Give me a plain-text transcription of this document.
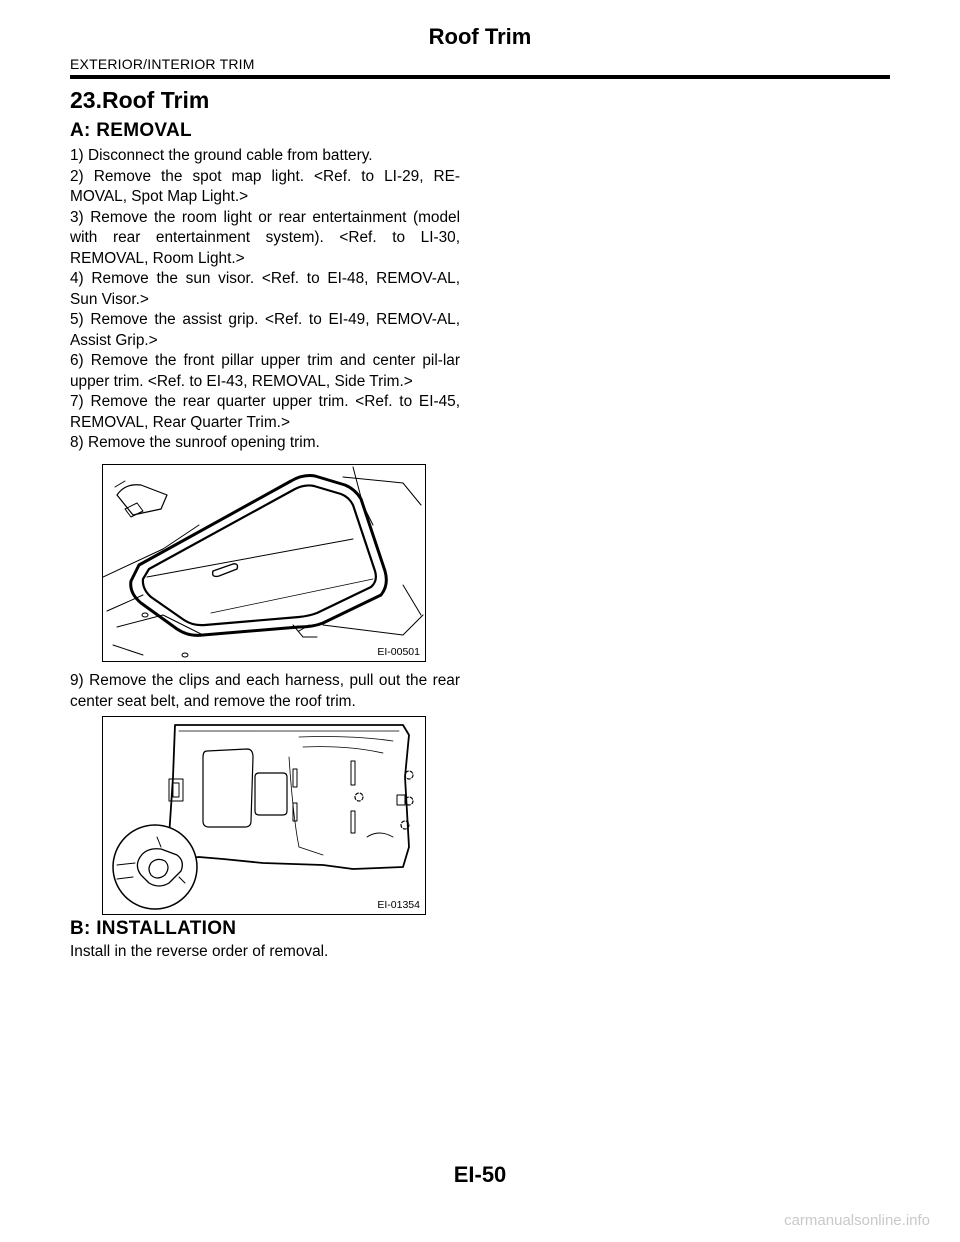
Roof Trim
EXTERIOR/INTERIOR TRIM
23.Roof Trim
A: REMOVAL

1) Disconnect the ground cable from battery.

2) Remove the spot map light. <Ref. to LI-29, RE-MOVAL, Spot Map Light.>

3) Remove the room light or rear entertainment (model with rear entertainment system). <Ref. to LI-30, REMOVAL, Room Light.>

4) Remove the sun visor. <Ref. to EI-48, REMOV-AL, Sun Visor.>

5) Remove the assist grip. <Ref. to EI-49, REMOV-AL, Assist Grip.>

6) Remove the front pillar upper trim and center pil-lar upper trim. <Ref. to EI-43, REMOVAL, Side Trim.>

7) Remove the rear quarter upper trim. <Ref. to EI-45, REMOVAL, Rear Quarter Trim.>

8) Remove the sunroof opening trim.

EI-00501

9) Remove the clips and each harness, pull out the rear center seat belt, and remove the roof trim.

EI-01354
B: INSTALLATION
Install in the reverse order of removal.
EI-50
carmanualsonline.info
